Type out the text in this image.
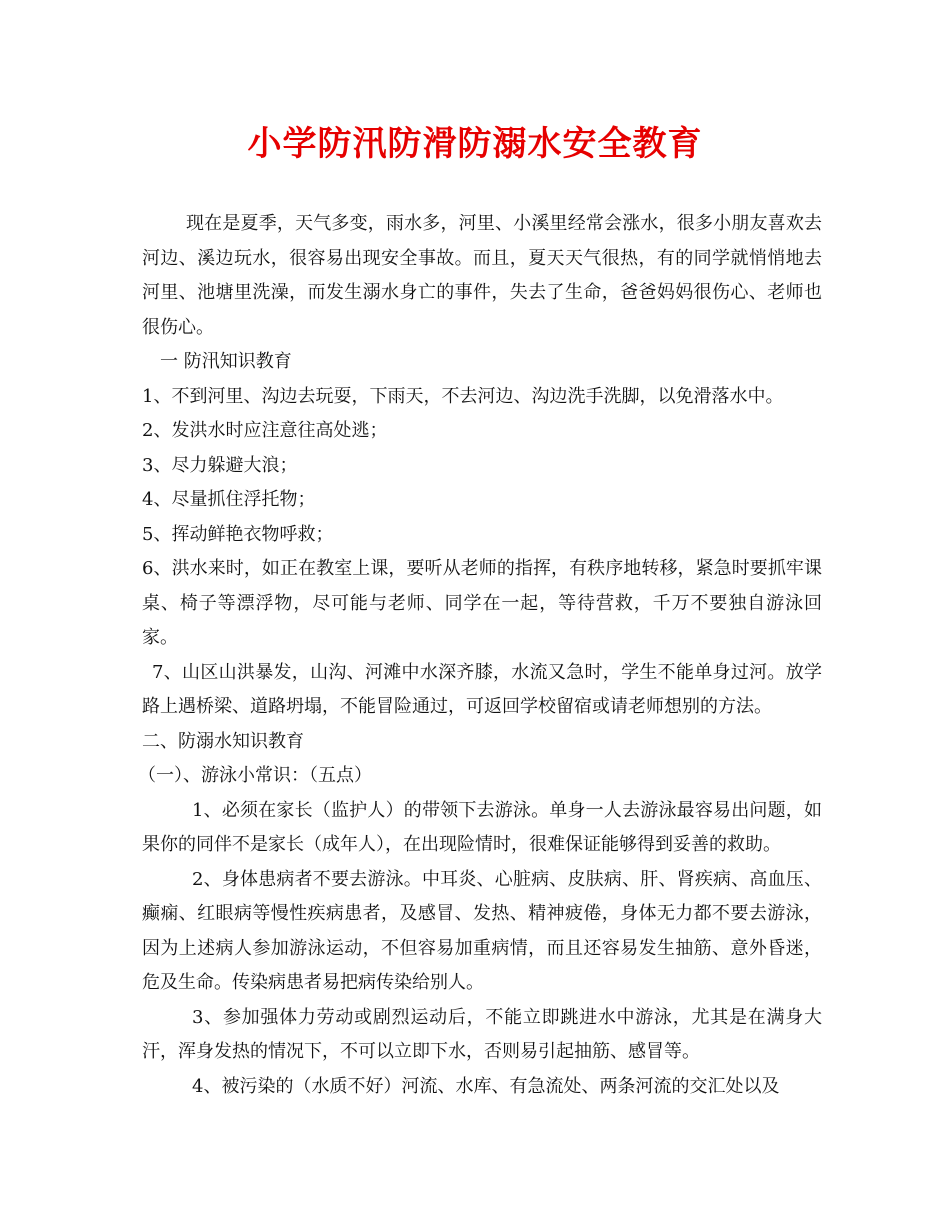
小学防汛防滑防溺水安全教育

现在是夏季，天气多变，雨水多，河里、小溪里经常会涨水，很多小朋友喜欢去河边、溪边玩水，很容易出现安全事故。而且，夏天天气很热，有的同学就悄悄地去河里、池塘里洗澡，而发生溺水身亡的事件，失去了生命，爸爸妈妈很伤心、老师也很伤心。

一 防汛知识教育

1、不到河里、沟边去玩耍，下雨天，不去河边、沟边洗手洗脚，以免滑落水中。

2、发洪水时应注意往高处逃；

3、尽力躲避大浪；

4、尽量抓住浮托物；

5、挥动鲜艳衣物呼救；

6、洪水来时，如正在教室上课，要听从老师的指挥，有秩序地转移，紧急时要抓牢课桌、椅子等漂浮物，尽可能与老师、同学在一起，等待营救，千万不要独自游泳回家。

7、山区山洪暴发，山沟、河滩中水深齐膝，水流又急时，学生不能单身过河。放学路上遇桥梁、道路坍塌，不能冒险通过，可返回学校留宿或请老师想别的方法。

二、防溺水知识教育

（一）、游泳小常识：（五点）

1、必须在家长（监护人）的带领下去游泳。单身一人去游泳最容易出问题，如果你的同伴不是家长（成年人），在出现险情时，很难保证能够得到妥善的救助。

2、身体患病者不要去游泳。中耳炎、心脏病、皮肤病、肝、肾疾病、高血压、癫痫、红眼病等慢性疾病患者，及感冒、发热、精神疲倦，身体无力都不要去游泳，因为上述病人参加游泳运动，不但容易加重病情，而且还容易发生抽筋、意外昏迷，危及生命。传染病患者易把病传染给别人。

3、参加强体力劳动或剧烈运动后，不能立即跳进水中游泳，尤其是在满身大汗，浑身发热的情况下，不可以立即下水，否则易引起抽筋、感冒等。

4、被污染的（水质不好）河流、水库、有急流处、两条河流的交汇处以及
